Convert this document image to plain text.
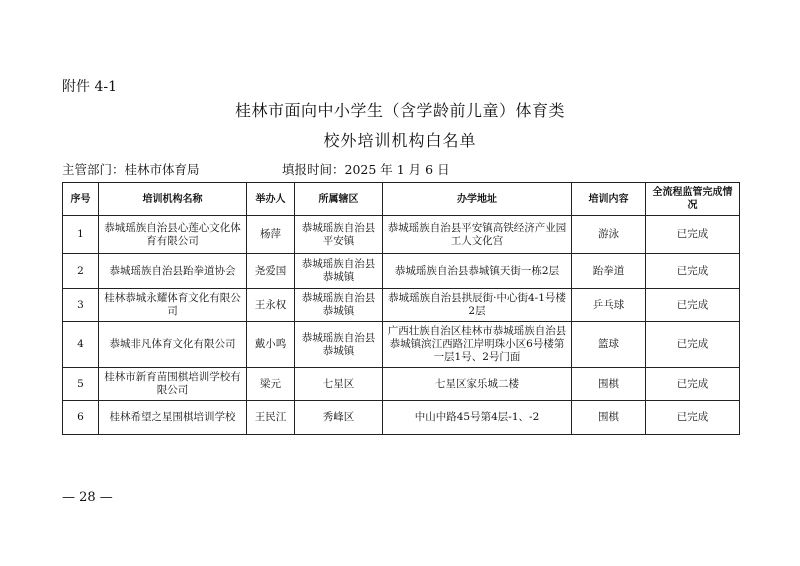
附件 4-1
桂林市面向中小学生（含学龄前儿童）体育类
校外培训机构白名单
主管部门：桂林市体育局	填报时间：2025 年 1 月 6 日
序号	培训机构名称	举办人	所属辖区	办学地址	培训内容	全流程监管完成情况
1	恭城瑶族自治县心莲心文化体育有限公司	杨萍	恭城瑶族自治县平安镇	恭城瑶族自治县平安镇高铁经济产业园工人文化宫	游泳	已完成
2	恭城瑶族自治县跆拳道协会	尧爱国	恭城瑶族自治县恭城镇	恭城瑶族自治县恭城镇天街一栋2层	跆拳道	已完成
3	桂林恭城永耀体育文化有限公司	王永权	恭城瑶族自治县恭城镇	恭城瑶族自治县拱辰街·中心街4-1号楼2层	乒乓球	已完成
4	恭城非凡体育文化有限公司	戴小鸣	恭城瑶族自治县恭城镇	广西壮族自治区桂林市恭城瑶族自治县恭城镇滨江西路江岸明珠小区6号楼第一层1号、2号门面	篮球	已完成
5	桂林市新育苗围棋培训学校有限公司	梁元	七星区	七星区家乐城二楼	围棋	已完成
6	桂林希望之星围棋培训学校	王民江	秀峰区	中山中路45号第4层-1、-2	围棋	已完成
— 28 —
